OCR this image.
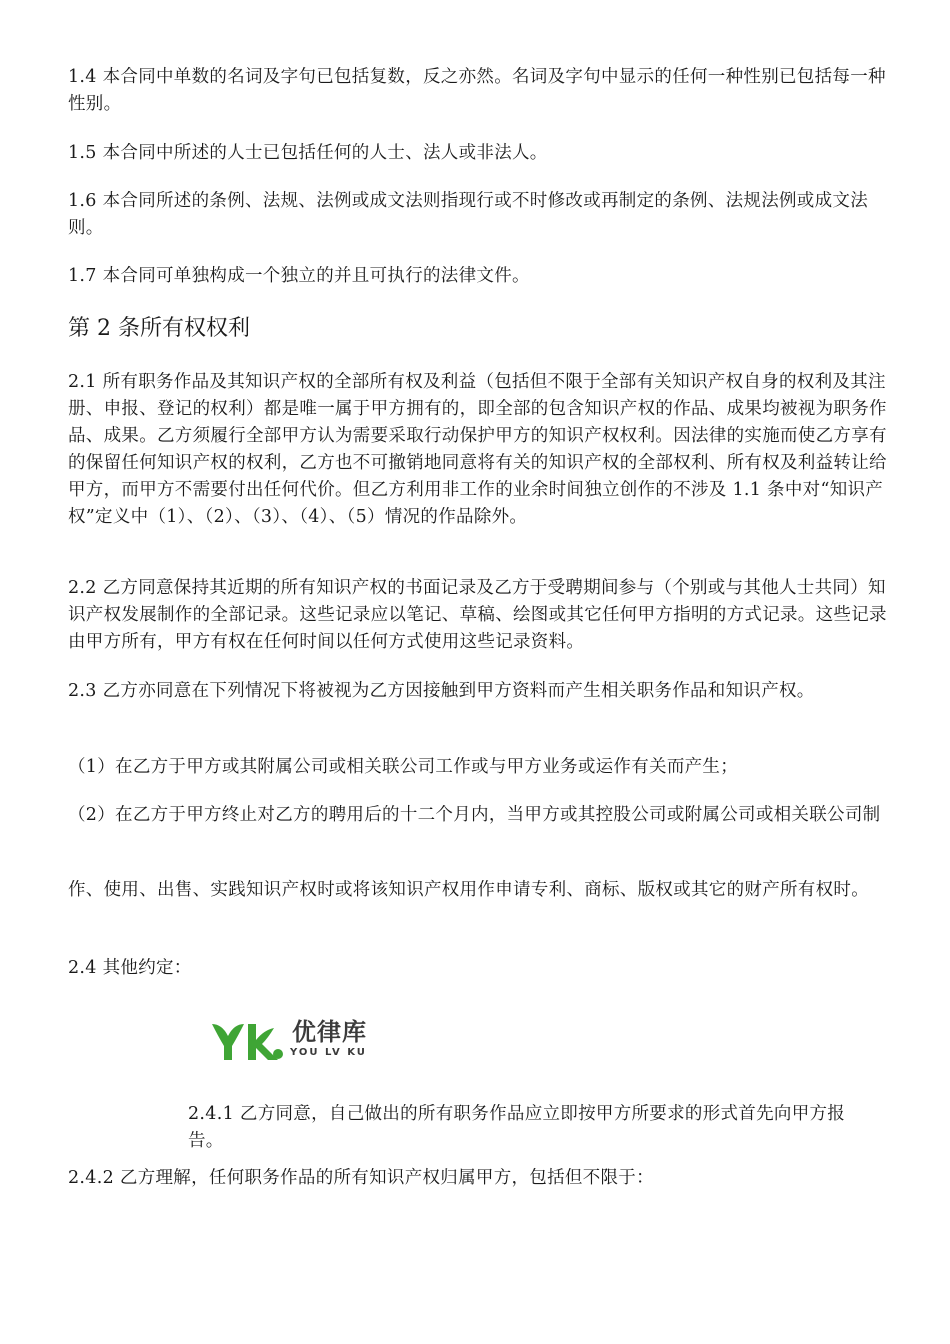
1.4 本合同中单数的名词及字句已包括复数，反之亦然。名词及字句中显示的任何一种性别已包括每一种性别。

1.5 本合同中所述的人士已包括任何的人士、法人或非法人。

1.6 本合同所述的条例、法规、法例或成文法则指现行或不时修改或再制定的条例、法规法例或成文法则。

1.7 本合同可单独构成一个独立的并且可执行的法律文件。

第 2 条所有权权利

2.1 所有职务作品及其知识产权的全部所有权及利益（包括但不限于全部有关知识产权自身的权利及其注册、申报、登记的权利）都是唯一属于甲方拥有的，即全部的包含知识产权的作品、成果均被视为职务作品、成果。乙方须履行全部甲方认为需要采取行动保护甲方的知识产权权利。因法律的实施而使乙方享有的保留任何知识产权的权利，乙方也不可撤销地同意将有关的知识产权的全部权利、所有权及利益转让给甲方，而甲方不需要付出任何代价。但乙方利用非工作的业余时间独立创作的不涉及 1.1 条中对“知识产权”定义中（1）、（2）、（3）、（4）、（5）情况的作品除外。

2.2 乙方同意保持其近期的所有知识产权的书面记录及乙方于受聘期间参与（个别或与其他人士共同）知识产权发展制作的全部记录。这些记录应以笔记、草稿、绘图或其它任何甲方指明的方式记录。这些记录由甲方所有，甲方有权在任何时间以任何方式使用这些记录资料。

2.3 乙方亦同意在下列情况下将被视为乙方因接触到甲方资料而产生相关职务作品和知识产权。

（1）在乙方于甲方或其附属公司或相关联公司工作或与甲方业务或运作有关而产生；

（2）在乙方于甲方终止对乙方的聘用后的十二个月内，当甲方或其控股公司或附属公司或相关联公司制

作、使用、出售、实践知识产权时或将该知识产权用作申请专利、商标、版权或其它的财产所有权时。

2.4 其他约定：

优律库
YOU LV KU

2.4.1 乙方同意，自己做出的所有职务作品应立即按甲方所要求的形式首先向甲方报告。

2.4.2 乙方理解，任何职务作品的所有知识产权归属甲方，包括但不限于：
